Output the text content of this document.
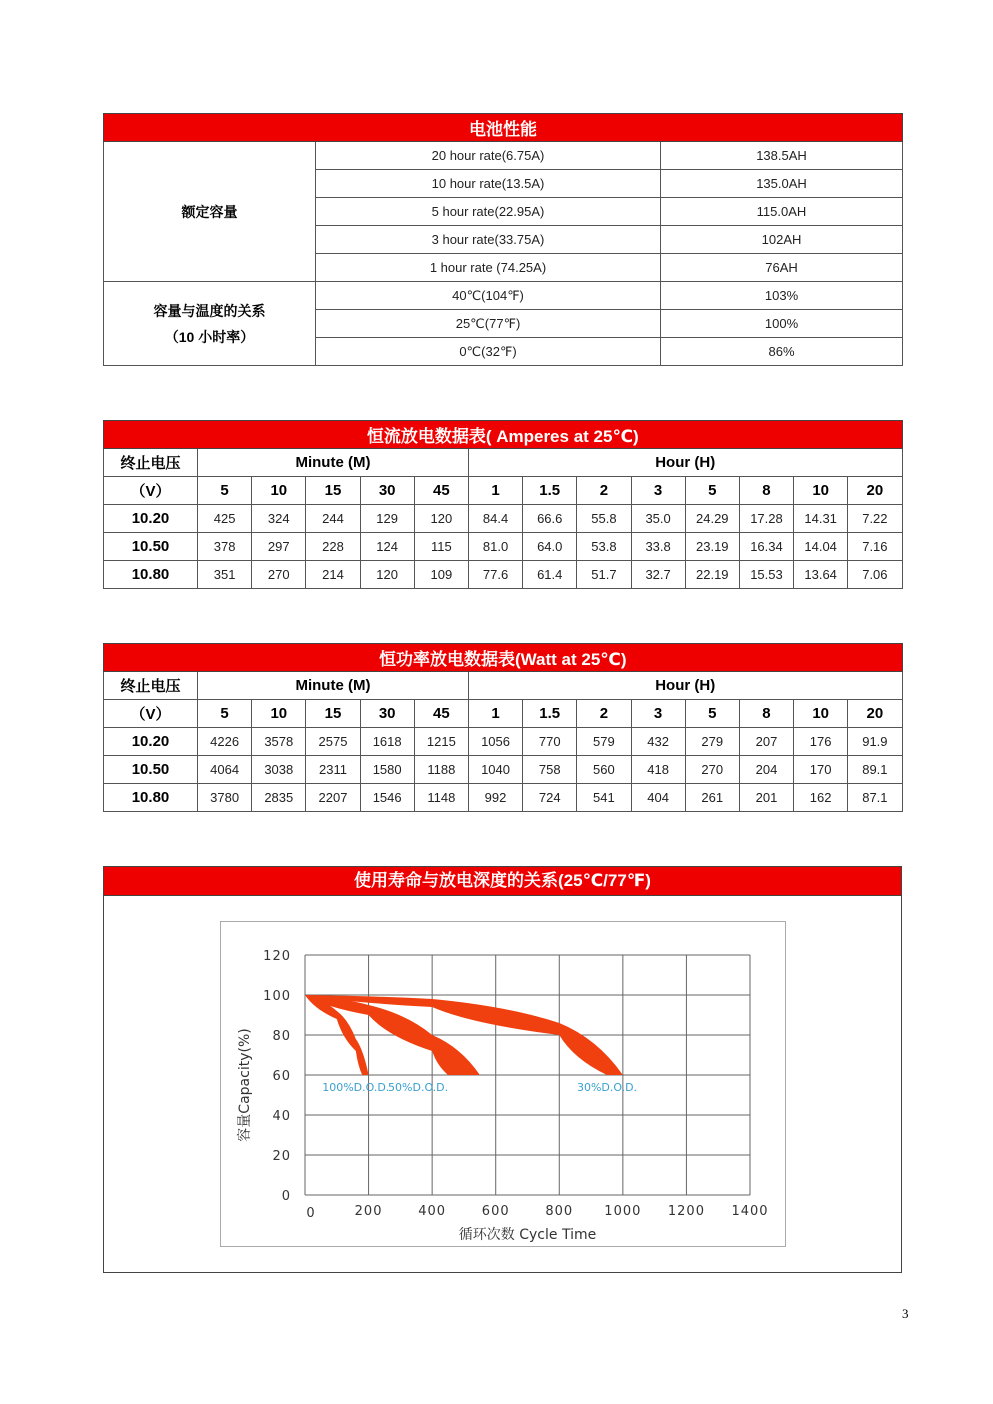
电池性能		
额定容量	20 hour rate(6.75A)	138.5AH
	10 hour rate(13.5A)	135.0AH
	5 hour rate(22.95A)	115.0AH
	3 hour rate(33.75A)	102AH
	1 hour rate (74.25A)	76AH

容量与温度的关系
（10 小时率）	40℃(104℉)	103%
	25℃(77℉)	100%
	0℃(32℉)	86%
恒流放电数据表( Amperes at 25℃)													
终止电压	Minute (M)					Hour (H)							
（V）	5	10	15	30	45	1	1.5	2	3	5	8	10	20
10.20	425	324	244	129	120	84.4	66.6	55.8	35.0	24.29	17.28	14.31	7.22
10.50	378	297	228	124	115	81.0	64.0	53.8	33.8	23.19	16.34	14.04	7.16
10.80	351	270	214	120	109	77.6	61.4	51.7	32.7	22.19	15.53	13.64	7.06
恒功率放电数据表(Watt at 25℃)													
终止电压	Minute (M)					Hour (H)							
（V）	5	10	15	30	45	1	1.5	2	3	5	8	10	20
10.20	4226	3578	2575	1618	1215	1056	770	579	432	279	207	176	91.9
10.50	4064	3038	2311	1580	1188	1040	758	560	418	270	204	170	89.1
10.80	3780	2835	2207	1546	1148	992	724	541	404	261	201	162	87.1
使用寿命与放电深度的关系(25℃/77℉)
0
20
40
60
80
100
120
0	200	400	600	800 1000 1200 1400
100%D.O.D.
50%D.O.D.	30%D.O.D.
循环次数 Cycle Time
容量Capacity(%)
3
